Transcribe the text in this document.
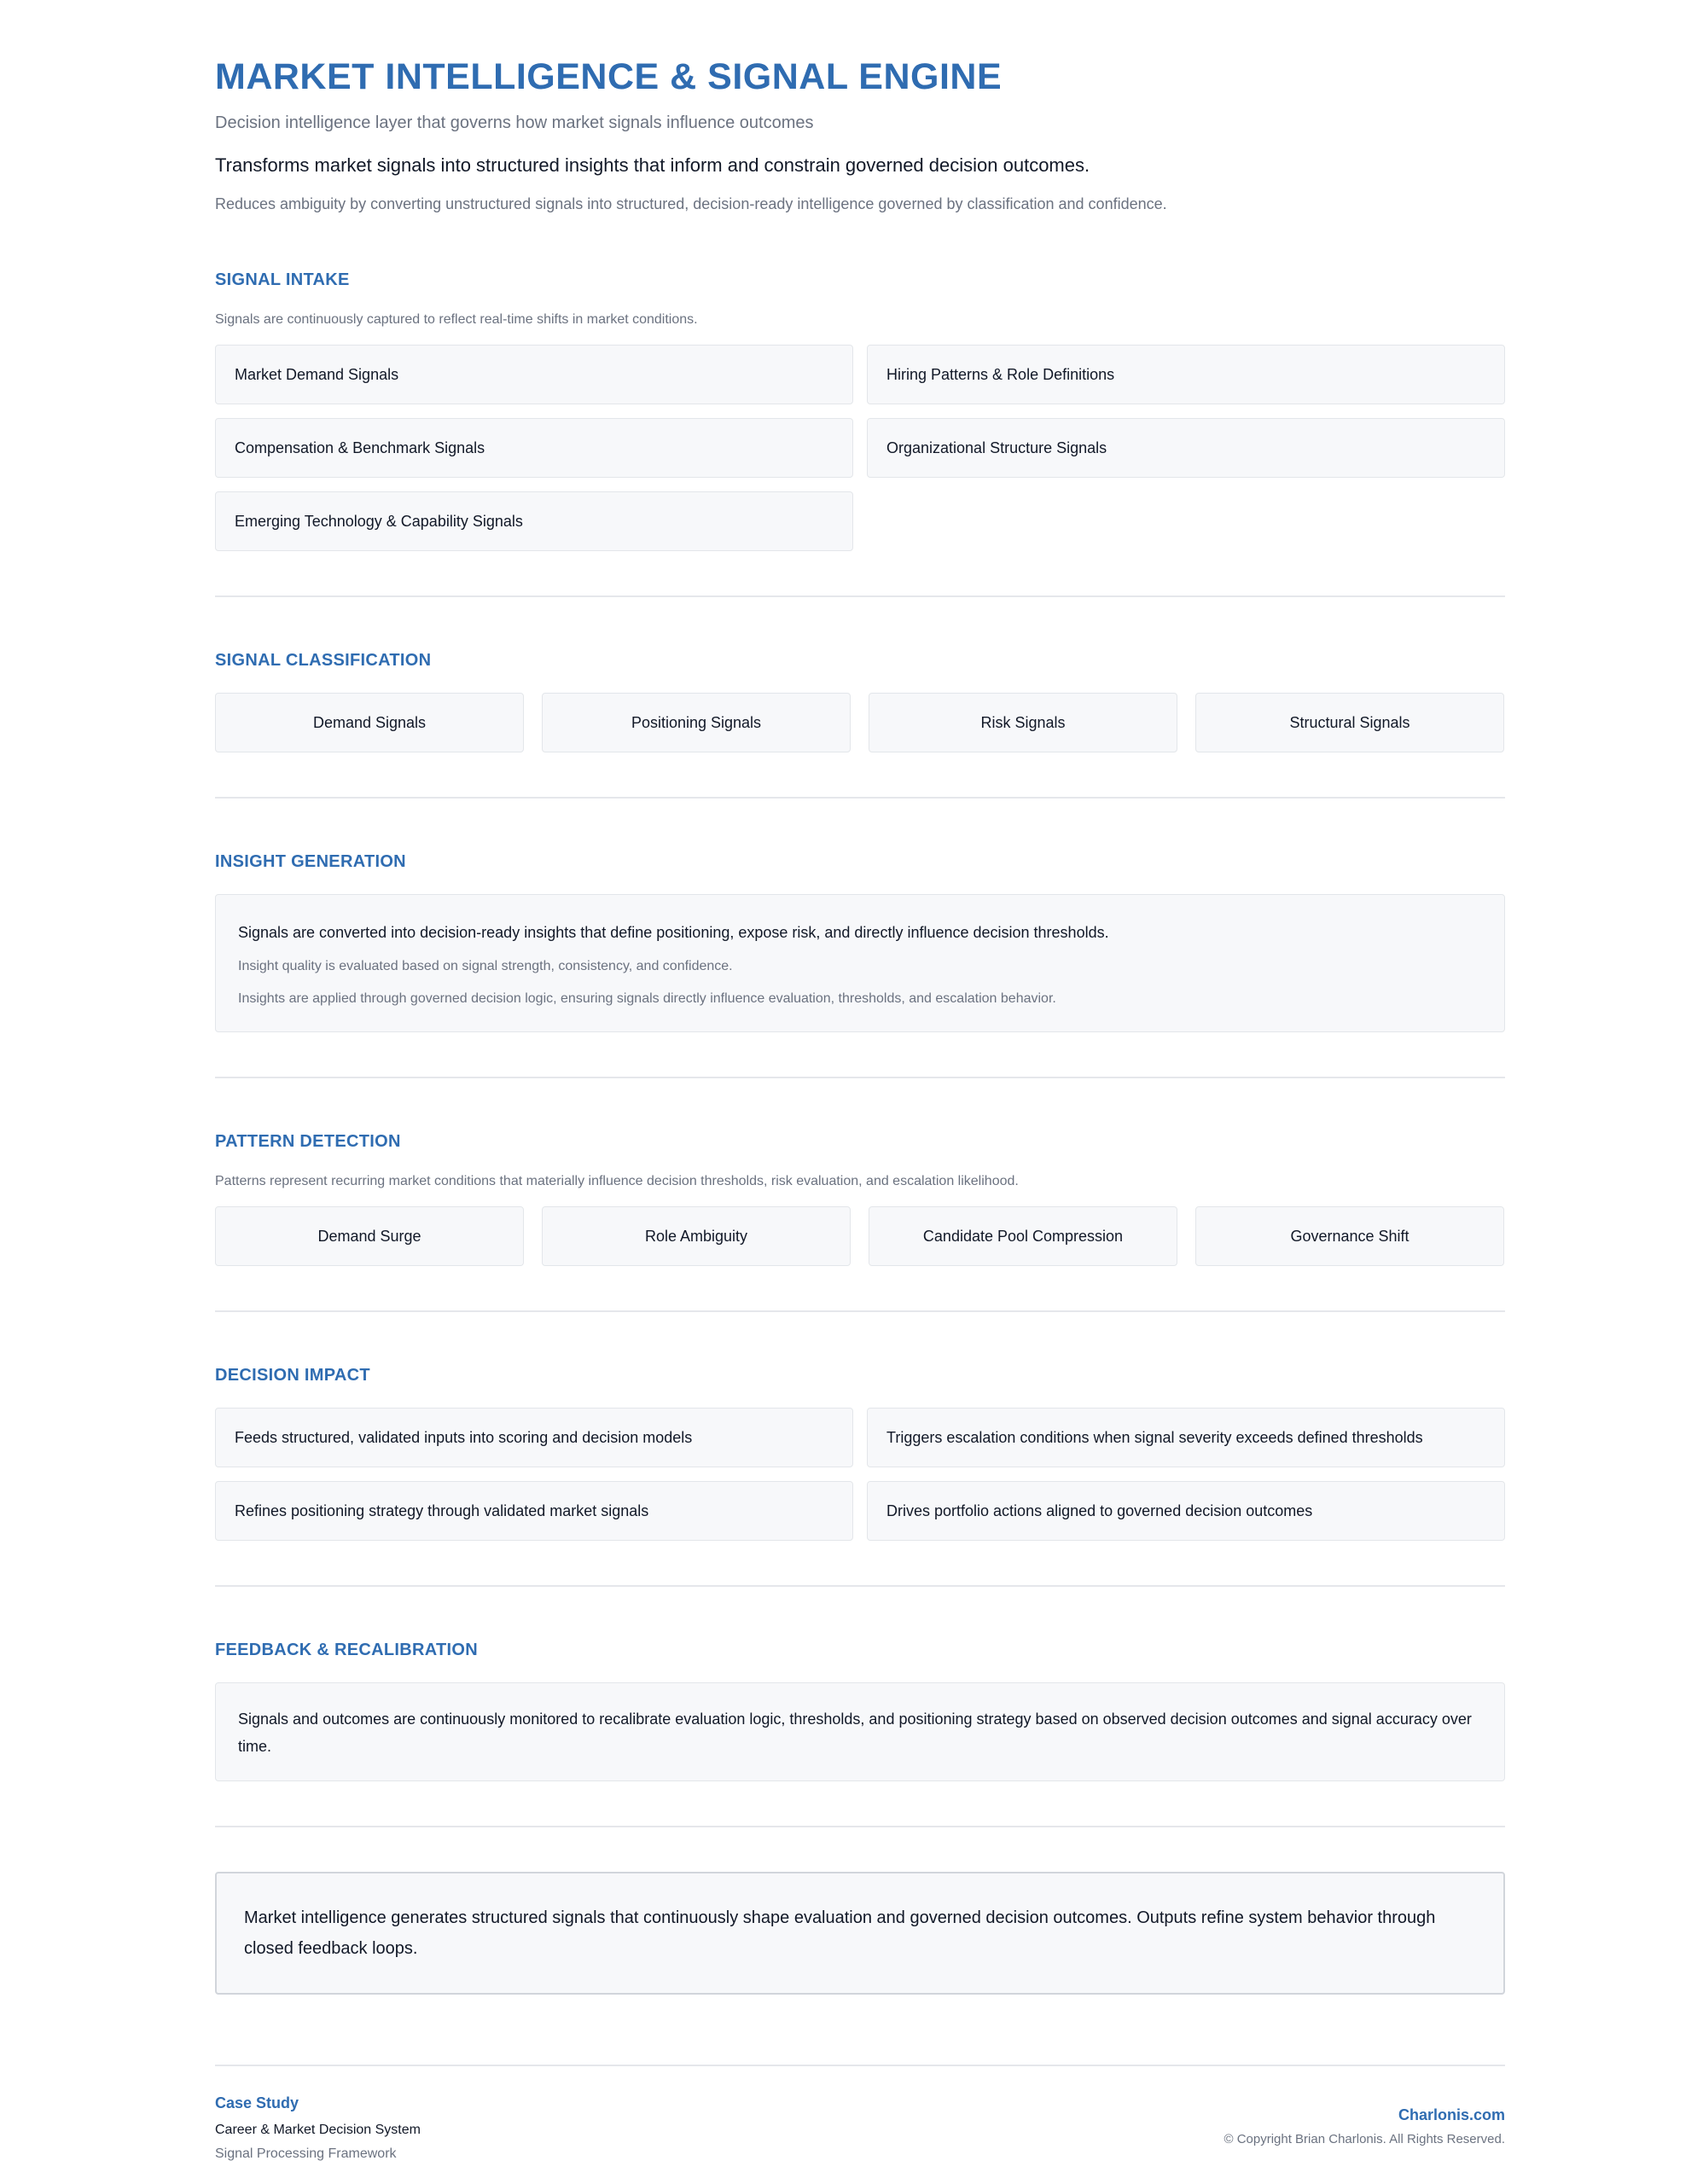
MARKET INTELLIGENCE & SIGNAL ENGINE
Decision intelligence layer that governs how market signals influence outcomes
Transforms market signals into structured insights that inform and constrain governed decision outcomes.
Reduces ambiguity by converting unstructured signals into structured, decision-ready intelligence governed by classification and confidence.
SIGNAL INTAKE
Signals are continuously captured to reflect real-time shifts in market conditions.
Market Demand Signals	Hiring Patterns & Role Definitions
Compensation & Benchmark Signals	Organizational Structure Signals
Emerging Technology & Capability Signals
SIGNAL CLASSIFICATION
Demand Signals	Positioning Signals	Risk Signals	Structural Signals
INSIGHT GENERATION
Signals are converted into decision-ready insights that define positioning, expose risk, and directly influence decision thresholds.
Insight quality is evaluated based on signal strength, consistency, and confidence.
Insights are applied through governed decision logic, ensuring signals directly influence evaluation, thresholds, and escalation behavior.
PATTERN DETECTION
Patterns represent recurring market conditions that materially influence decision thresholds, risk evaluation, and escalation likelihood.
Demand Surge	Role Ambiguity	Candidate Pool Compression	Governance Shift
DECISION IMPACT
Feeds structured, validated inputs into scoring and decision models	Triggers escalation conditions when signal severity exceeds defined thresholds
Refines positioning strategy through validated market signals	Drives portfolio actions aligned to governed decision outcomes
FEEDBACK & RECALIBRATION
Signals and outcomes are continuously monitored to recalibrate evaluation logic, thresholds, and positioning strategy based on observed decision outcomes and signal accuracy over time.
Market intelligence generates structured signals that continuously shape evaluation and governed decision outcomes. Outputs refine system behavior through closed feedback loops.
Case Study
Career & Market Decision System
Signal Processing Framework
Charlonis.com
© Copyright Brian Charlonis. All Rights Reserved.
